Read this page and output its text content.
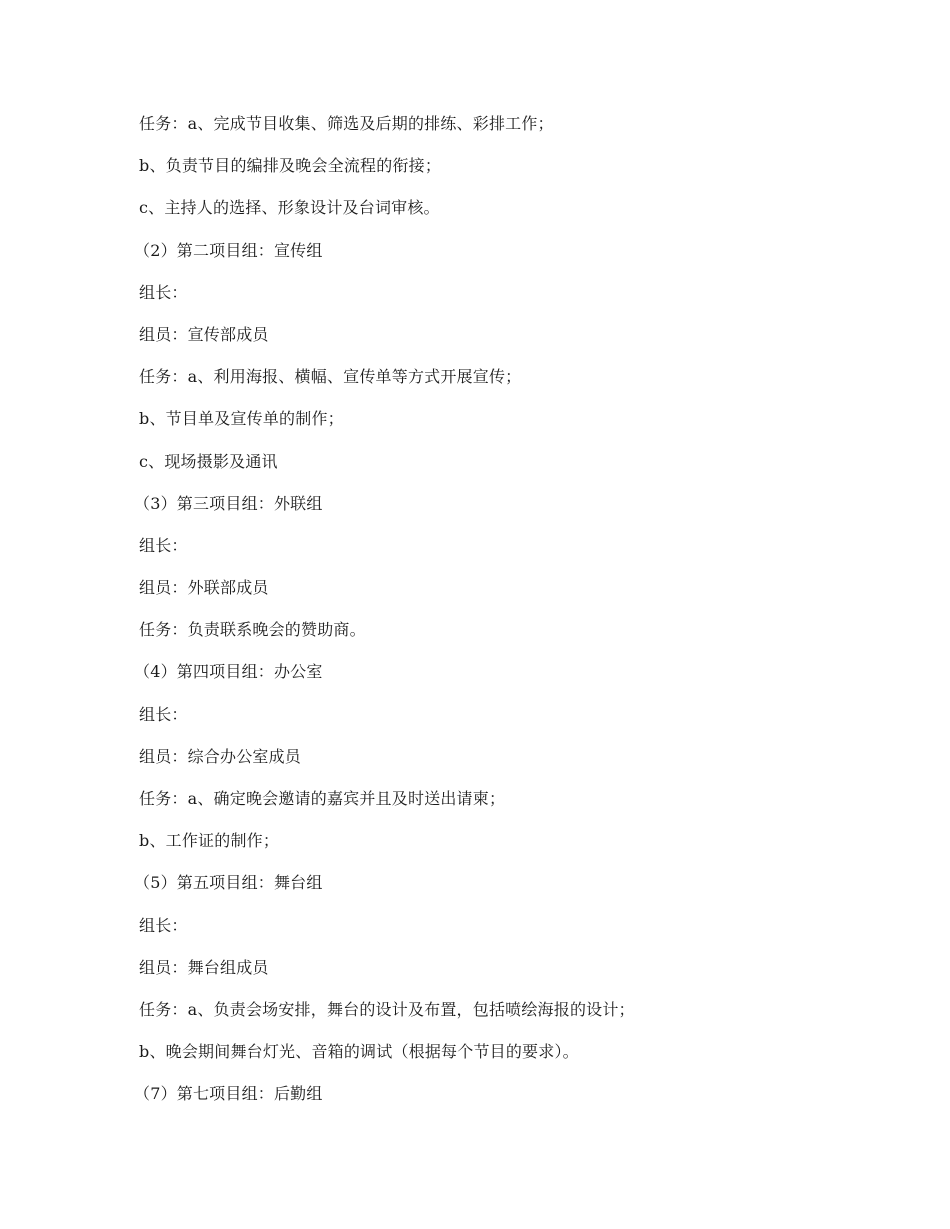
任务：a、完成节目收集、筛选及后期的排练、彩排工作；
b、负责节目的编排及晚会全流程的衔接；
c、主持人的选择、形象设计及台词审核。
（2）第二项目组：宣传组
组长：
组员：宣传部成员
任务：a、利用海报、横幅、宣传单等方式开展宣传；
b、节目单及宣传单的制作；
c、现场摄影及通讯
（3）第三项目组：外联组
组长：
组员：外联部成员
任务：负责联系晚会的赞助商。
（4）第四项目组：办公室
组长：
组员：综合办公室成员
任务：a、确定晚会邀请的嘉宾并且及时送出请柬；
b、工作证的制作；
（5）第五项目组：舞台组
组长：
组员：舞台组成员
任务：a、负责会场安排，舞台的设计及布置，包括喷绘海报的设计；
b、晚会期间舞台灯光、音箱的调试（根据每个节目的要求）。
（7）第七项目组：后勤组
